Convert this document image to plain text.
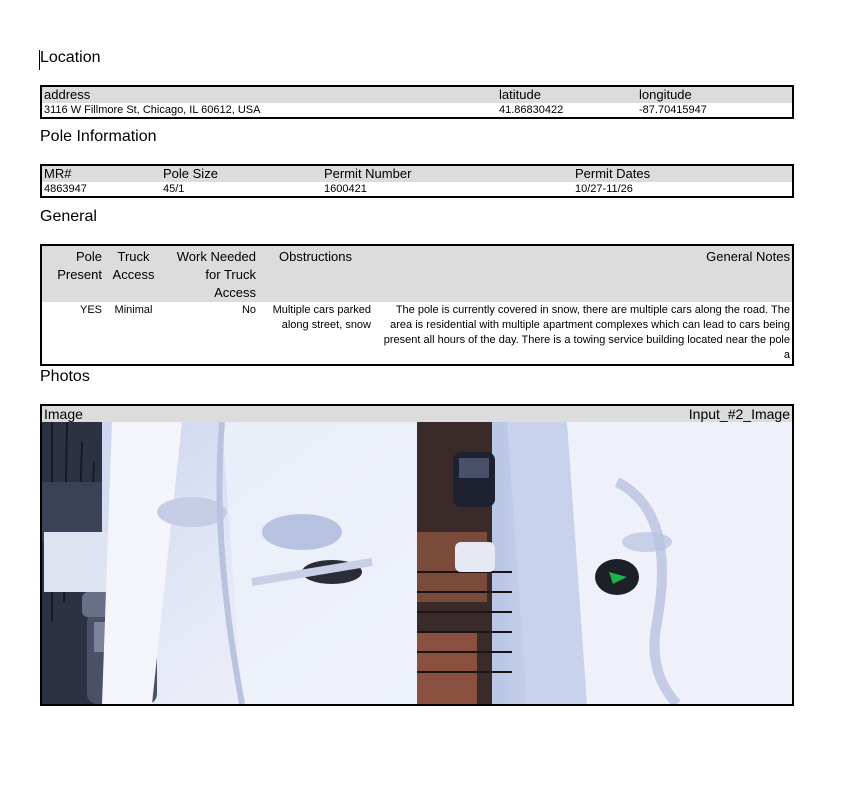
Location
address	latitude	longitude
3116 W Fillmore St, Chicago, IL 60612, USA	41.86830422	-87.70415947
Pole Information
MR#	Pole Size	Permit Number	Permit Dates
4863947	45/1	1600421	10/27-11/26
General
Pole Present	Truck Access	Work Needed for Truck Access	Obstructions	General Notes
YES	Minimal	No	Multiple cars parked along street, snow	The pole is currently covered in snow, there are multiple cars along the road. The area is residential with multiple apartment complexes which can lead to cars being present all hours of the day. There is a towing service building located near the pole a
Photos
Image	Input_#2_Image
